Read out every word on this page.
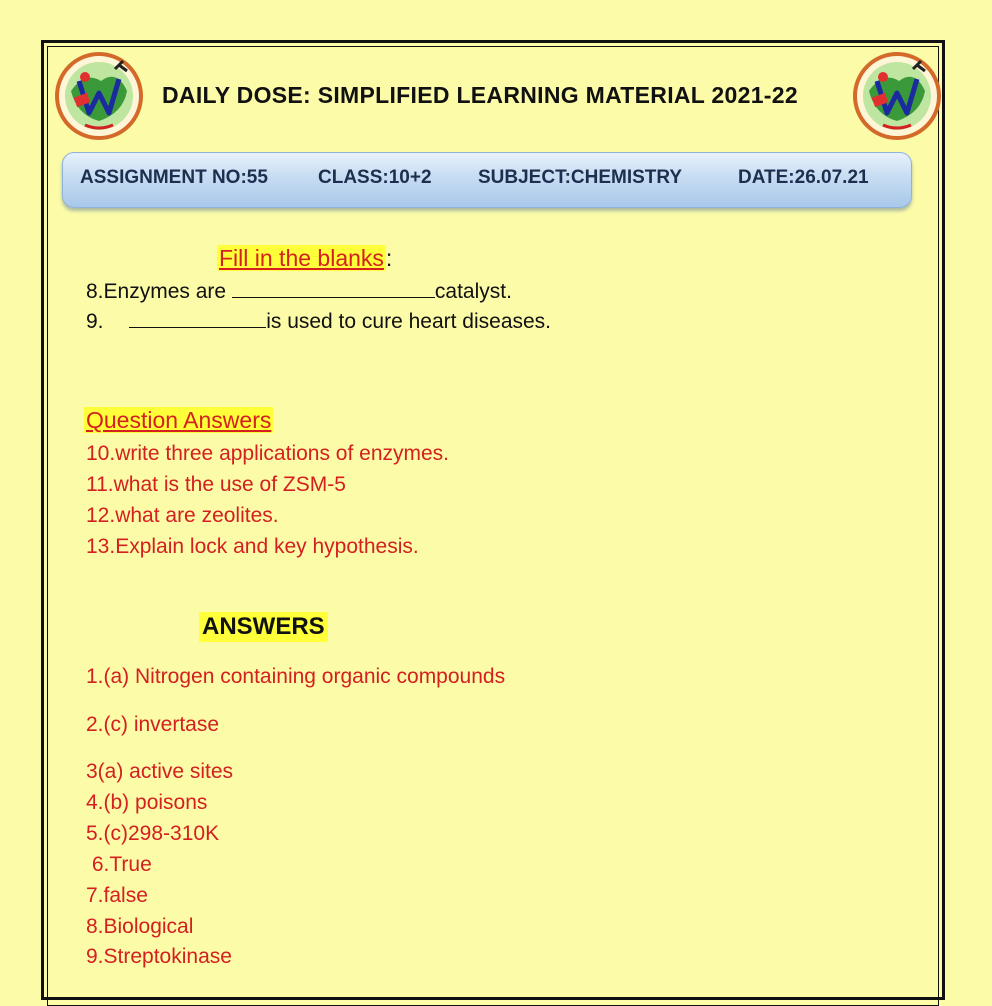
DAILY DOSE: SIMPLIFIED LEARNING MATERIAL 2021-22
ASSIGNMENT NO:55	CLASS:10+2 SUBJECT:CHEMISTRY	DATE:26.07.21
Fill in the blanks:
8.Enzymes are	catalyst.
9.	is used to cure heart diseases.
Question Answers
10.write three applications of enzymes.
11.what is the use of ZSM-5
12.what are zeolites.
13.Explain lock and key hypothesis.
ANSWERS
1.(a) Nitrogen containing organic compounds
2.(c) invertase
3(a) active sites
4.(b) poisons
5.(c)298-310K
6.True
7.false
8.Biological
9.Streptokinase
